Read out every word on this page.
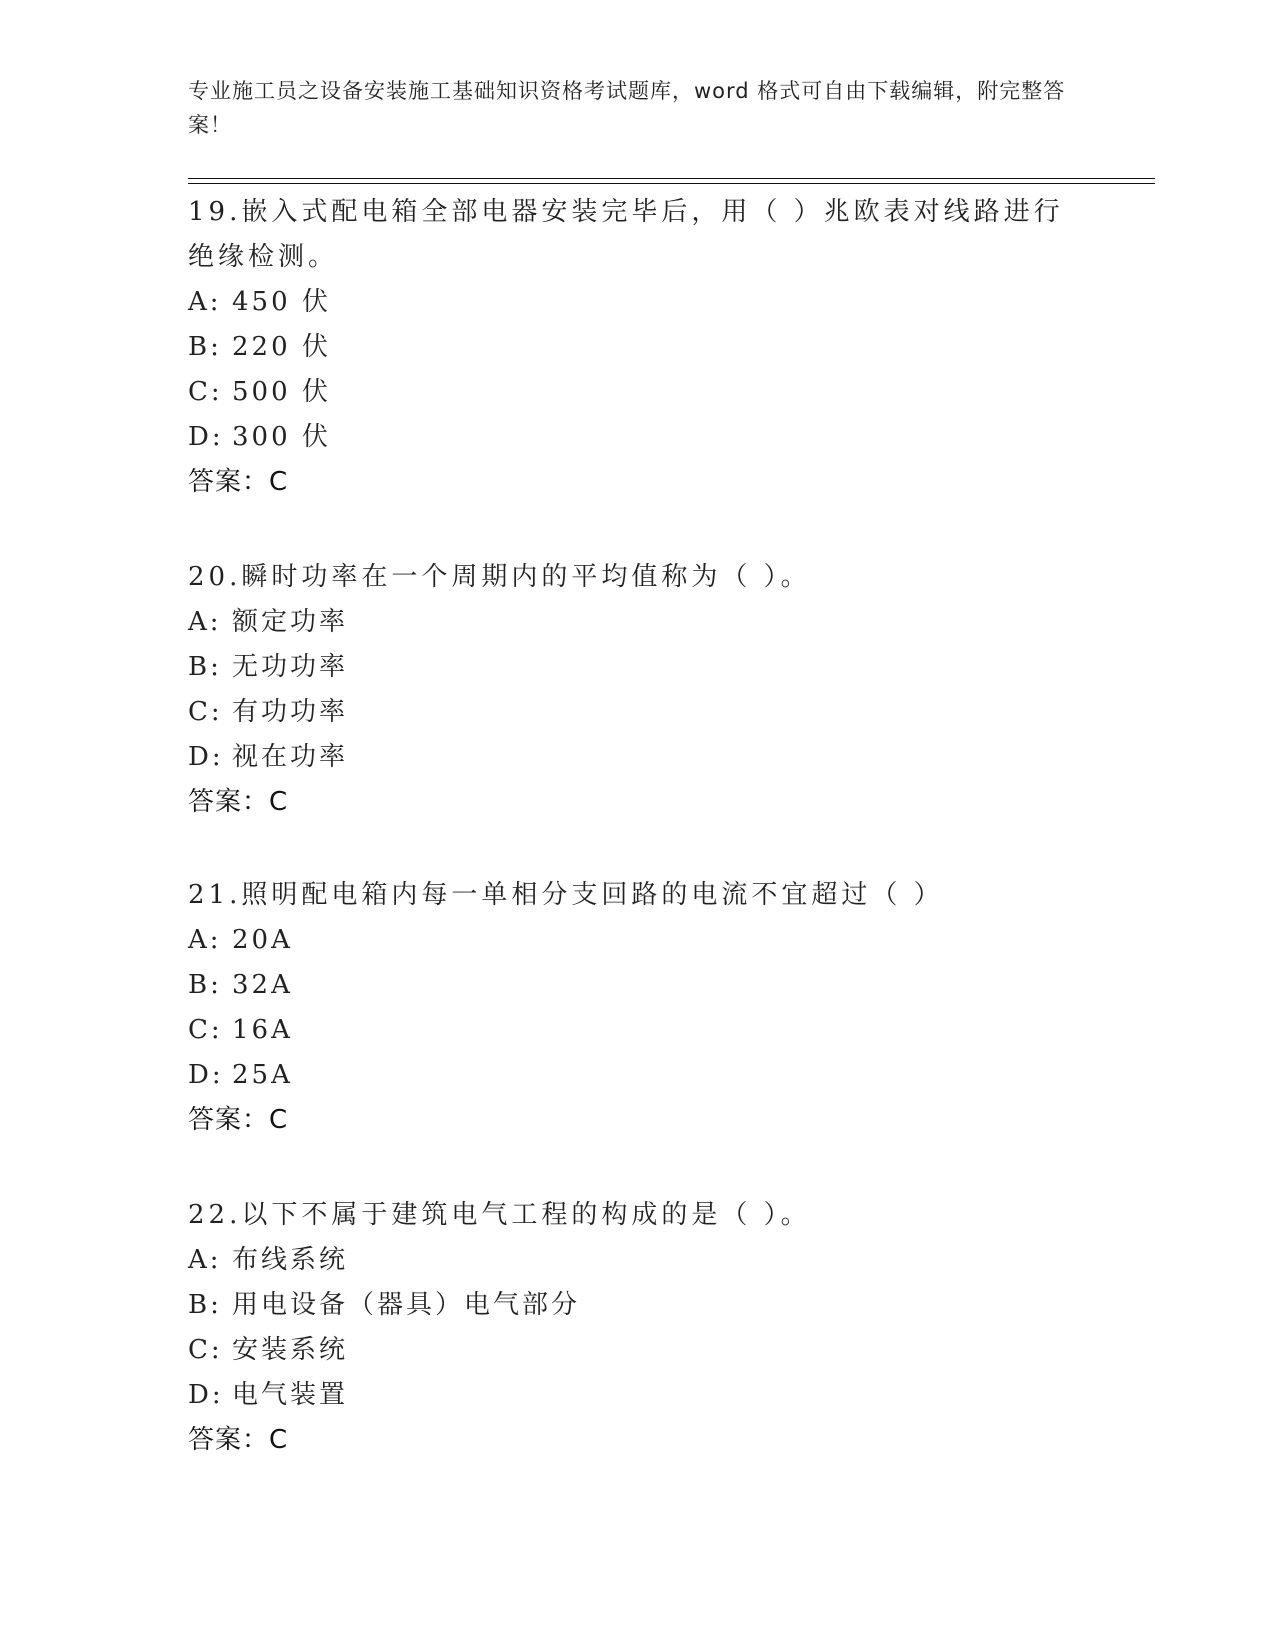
专业施工员之设备安装施工基础知识资格考试题库，word 格式可自由下载编辑，附完整答案！

19.嵌入式配电箱全部电器安装完毕后，用（ ）兆欧表对线路进行绝缘检测。

A: 450 伏

B: 220 伏

C: 500 伏

D: 300 伏

答案：C

20.瞬时功率在一个周期内的平均值称为（ ）。

A: 额定功率

B: 无功功率

C: 有功功率

D: 视在功率

答案：C

21.照明配电箱内每一单相分支回路的电流不宜超过（ ）

A: 20A

B: 32A

C: 16A

D: 25A

答案：C

22.以下不属于建筑电气工程的构成的是（ ）。

A: 布线系统

B: 用电设备（器具）电气部分

C: 安装系统

D: 电气装置

答案：C
